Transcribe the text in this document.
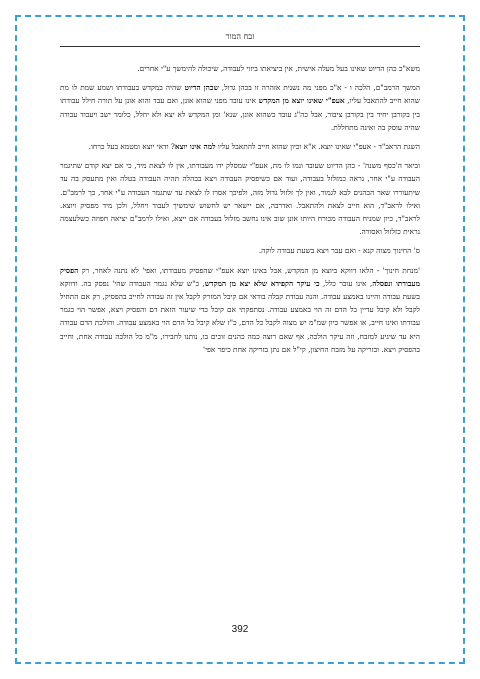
זבח המור

משא"כ כהן הדיוט שאינו בעל מעלה אישית, אין ביציאתו ביזוי לעבודה, שיכולה להימשך ע"י אחרים.

המשך הרמב"ם, הלכה ו - א"כ מפני מה נשנית אזהרה זו בכהן גדול, שכהן הדיוט שהיה במקדש בעבודתו ושמע שמת לו מת שהוא חייב להתאבל עליו, אעפ"י שאינו יוצא מן המקדש אינו עובד מפני שהוא אונן, ואם עבד והוא אונן על תורה חילל עבודתו בין בקורבן יחיד בין בקורבן ציבור, אבל כה"ג עובד כשהוא אונן, שנא' ומן המקדש לא יצא ולא יחלל, כלומר ישב ויעבוד עבודה שהיה עוסק בה ואינה מתחללת.

השגת הראב"ד - אעפ"י שאינו יוצא. א"א וכיון שהוא חייב להתאבל עליו למה אינו יוצא? ודאי יוצא ומטמא בעל כרחו.

וביאר ה'כסף משנה' - כהן הדיוט שעובד ונמו לו מת, אעפ"י שמסלק ידו מעבודתו, אין לו לצאת מיד, כי אם יצא קודם שתיגמר העבודה ע"י אחר, נראה כמזלזל בעבודה, ועוד אם כשיפסיק העבודה ויצא בבהלה תהיה העבודה בטלה ואין מתעסק בה עד שיתעוררו שאר הכהנים לבא לגמור, ואין לך זלזול גדול מזה, ולפיכך אסרו לו לצאת עד שתגמר העבודה ע"י אחר, כך לרמב"ם. ואילו לראב"ד, הוא חייב לצאת ולהתאבל. ואדרבה, אם יישאר יש לחשוש שימשיך לעבוד ויחלל, ולכן מיד מפסיק ויוצא. לראב"ד, כיון שמניח העבודה מכורח היותו אונן שוב אינו נחשב מזלזל בעבודה אם ייצא, ואילו לרמב"ם יציאה חפוזה כשלעצמה נראית כזלזול ואסורה.

ס' החינוך מצוה קנא - ואם עבר ויצא בשעת עבודה לוקה.

'מנחת חינוך' - הלאו דווקא ביוצא מן המקדש, אבל באינו יוצא אעפ"י שהפסיק מעבודתו, ואפי' לא נתנה לאחר, רק הפסיק מעבודתו ונפסלה, אינו עובר כלל, כי עיקר הקפידא שלא יצא מן המקדש, כ"ש שלא נגמר העבודה שהי' נפסק בה. ודווקא בשעת עבודה והיינו באמצע עבודה. והנה עבודת קבלה בודאי אם קיבל המזרק לקבל אין זה עבודה לחייב בהפסיק, רק אם התחיל לקבל ולא קיבל עדיין כל הדם זה הוי באמצע עבודה. נסתפקתי אם קיבל כדי שיעור הזאת דם והפסיק ויצא, אפשר הוי כגמר עבודתו ואינו חייב, או אפשר כיון שמ"מ יש מצוה לקבל כל הדם, כ"ז שלא קיבל כל הדם הוי באמצע עבודה. והולכת הדם עבודה היא עד שיגיע למזבח, וזה עיקר הולכה, אף שאם רוצה כמה כהנים זוכים בו, נותנו לחבירו, מ"מ כל הולכה עבודה אחת, וחייב בהפסיק ויצא. ובזריקה על מזבח החיצון, קי"ל אם נתן בזריקה אחת כיפר אפי'

392
